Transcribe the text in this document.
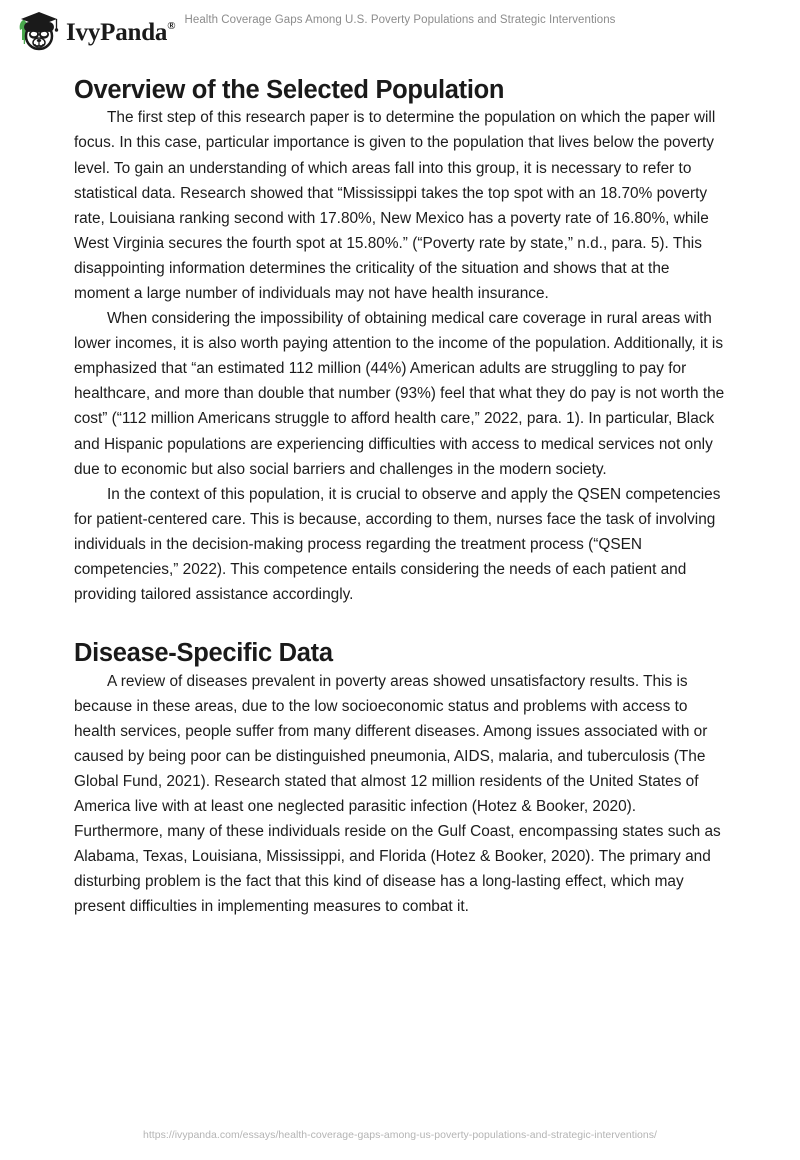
IvyPanda®
Health Coverage Gaps Among U.S. Poverty Populations and Strategic Interventions
Overview of the Selected Population

The first step of this research paper is to determine the population on which the paper will focus. In this case, particular importance is given to the population that lives below the poverty level. To gain an understanding of which areas fall into this group, it is necessary to refer to statistical data. Research showed that “Mississippi takes the top spot with an 18.70% poverty rate, Louisiana ranking second with 17.80%, New Mexico has a poverty rate of 16.80%, while West Virginia secures the fourth spot at 15.80%.” (“Poverty rate by state,” n.d., para. 5). This disappointing information determines the criticality of the situation and shows that at the moment a large number of individuals may not have health insurance.

When considering the impossibility of obtaining medical care coverage in rural areas with lower incomes, it is also worth paying attention to the income of the population. Additionally, it is emphasized that “an estimated 112 million (44%) American adults are struggling to pay for healthcare, and more than double that number (93%) feel that what they do pay is not worth the cost” (“112 million Americans struggle to afford health care,” 2022, para. 1). In particular, Black and Hispanic populations are experiencing difficulties with access to medical services not only due to economic but also social barriers and challenges in the modern society.

In the context of this population, it is crucial to observe and apply the QSEN competencies for patient-centered care. This is because, according to them, nurses face the task of involving individuals in the decision-making process regarding the treatment process (“QSEN competencies,” 2022). This competence entails considering the needs of each patient and providing tailored assistance accordingly.

Disease-Specific Data

A review of diseases prevalent in poverty areas showed unsatisfactory results. This is because in these areas, due to the low socioeconomic status and problems with access to health services, people suffer from many different diseases. Among issues associated with or caused by being poor can be distinguished pneumonia, AIDS, malaria, and tuberculosis (The Global Fund, 2021). Research stated that almost 12 million residents of the United States of America live with at least one neglected parasitic infection (Hotez & Booker, 2020). Furthermore, many of these individuals reside on the Gulf Coast, encompassing states such as Alabama, Texas, Louisiana, Mississippi, and Florida (Hotez & Booker, 2020). The primary and disturbing problem is the fact that this kind of disease has a long-lasting effect, which may present difficulties in implementing measures to combat it.

https://ivypanda.com/essays/health-coverage-gaps-among-us-poverty-populations-and-strategic-interventions/
